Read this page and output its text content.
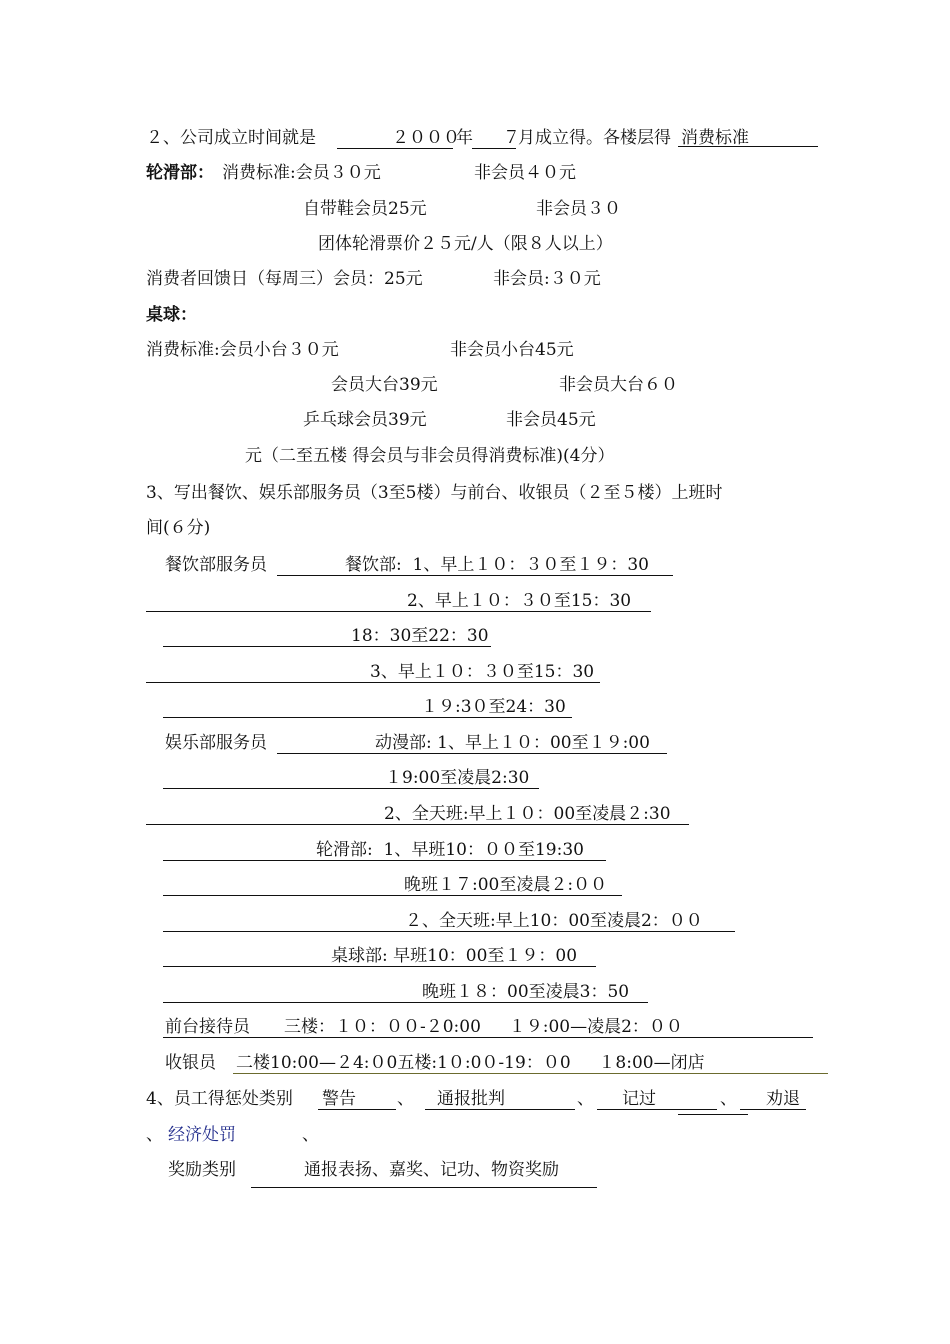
２、公司成立时间就是	２０００
年 ７
月成立得。各楼层得 消费标准
轮滑部： 消费标准:会员３０元	非会员４０元
自带鞋会员25元	非会员３０
团体轮滑票价２５元/人（限８人以上）
消费者回馈日（每周三）会员：25元	非会员:３０元
桌球：
消费标准:会员小台３０元	非会员小台45元
会员大台39元	非会员大台６０
乒乓球会员39元	非会员45元
元（二至五楼 得会员与非会员得消费标准)(4分）
3、写出餐饮、娱乐部服务员（3至5楼）与前台、收银员（２至５楼）上班时
间(６分)
餐饮部服务员	餐饮部:  1、早上１０：３０至１９：30
2、早上１０：３０至15：30
18：30至22：30
3、早上１０：３０至15：30
１９:3０至24：30
娱乐部服务员	动漫部: 1、早上１０：00至１９:00
１9:00至凌晨2:30
2、全天班:早上１０：00至凌晨２:30
轮滑部:  1、早班10：００至19:30
晚班１７:00至凌晨２:００
２、全天班:早上10：00至凌晨2：００
桌球部: 早班10：00至１９：00
晚班１８：00至凌晨3：50
前台接待员 三楼：１０：００-２0:00　  １９:00—凌晨2：００
收银员 二楼10:00—２4:０0五楼:1０:0０-19：０0　  １8:00—闭店
4、员工得惩处类别 警告 、 通报批判	、 记过	、 劝退
、 经济处罚	、
奖励类别	通报表扬、嘉奖、记功、物资奖励
